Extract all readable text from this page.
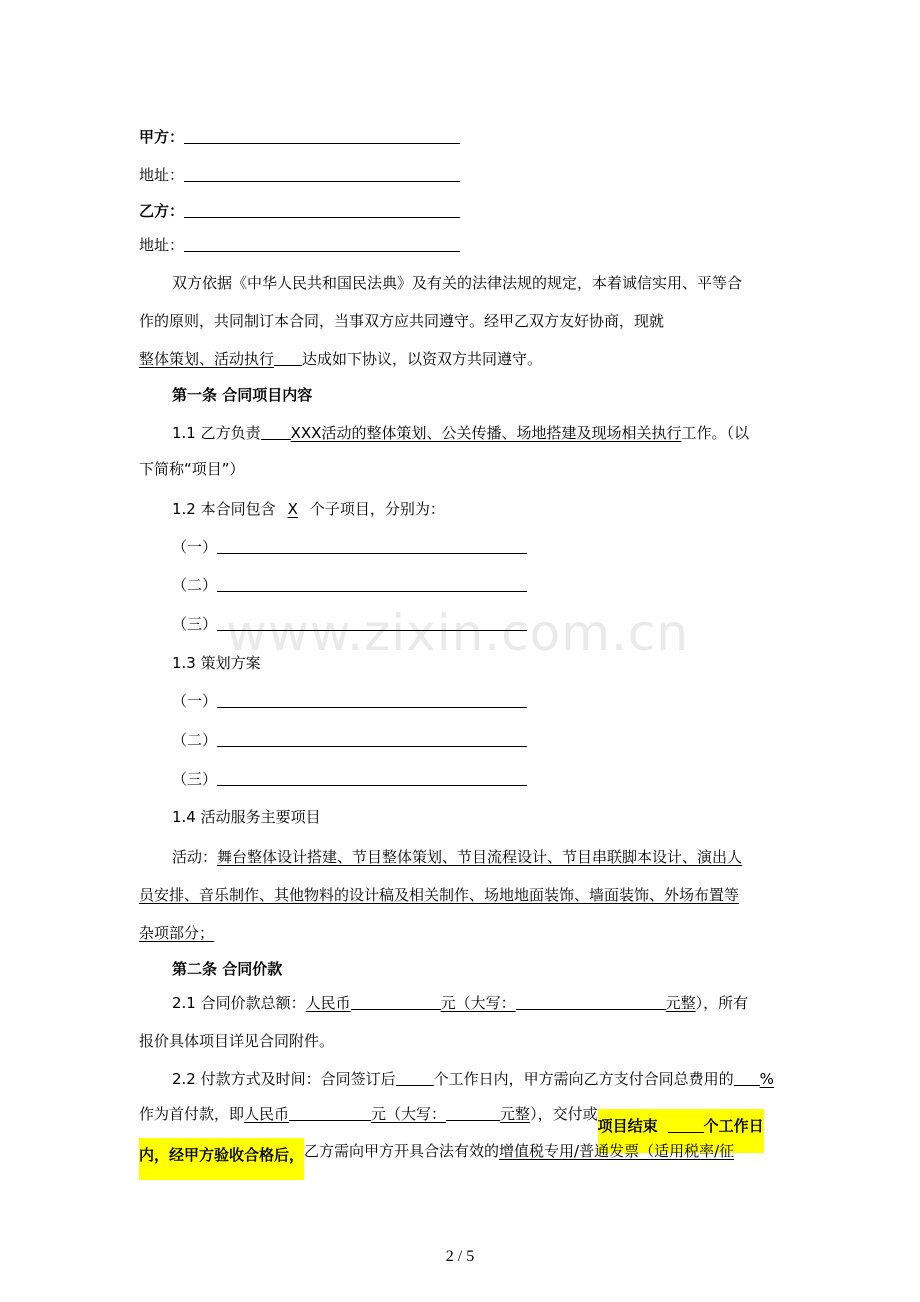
甲方：
地址：
乙方：
地址：
双方依据《中华人民共和国民法典》及有关的法律法规的规定，本着诚信实用、平等合
作的原则，共同制订本合同，当事双方应共同遵守。经甲乙双方友好协商，现就
整体策划、活动执行 达成如下协议，以资双方共同遵守。
第一条 合同项目内容
1.1 乙方负责 XXX活动的整体策划、公关传播、场地搭建及现场相关执行工作。（以
下简称“项目”）
1.2 本合同包含 X 个子项目，分别为：
（一）
（二）
（三）
1.3 策划方案
（一）
（二）
（三）
1.4 活动服务主要项目
活动：舞台整体设计搭建、节目整体策划、节目流程设计、节目串联脚本设计、演出人
员安排、音乐制作、其他物料的设计稿及相关制作、场地地面装饰、墙面装饰、外场布置等
杂项部分；
第二条 合同价款
2.1 合同价款总额：人民币	元（大写：	元整），所有
报价具体项目详见合同附件。
2.2 付款方式及时间：合同签订后	个工作日内，甲方需向乙方支付合同总费用的 %
作为首付款，即人民币	元（大写：	元整），交付或项目结束	个工作日
内，经甲方验收合格后，乙方需向甲方开具合法有效的增值税专用/普通发票（适用税率/征
www.zixin.com.cn
2 / 5
